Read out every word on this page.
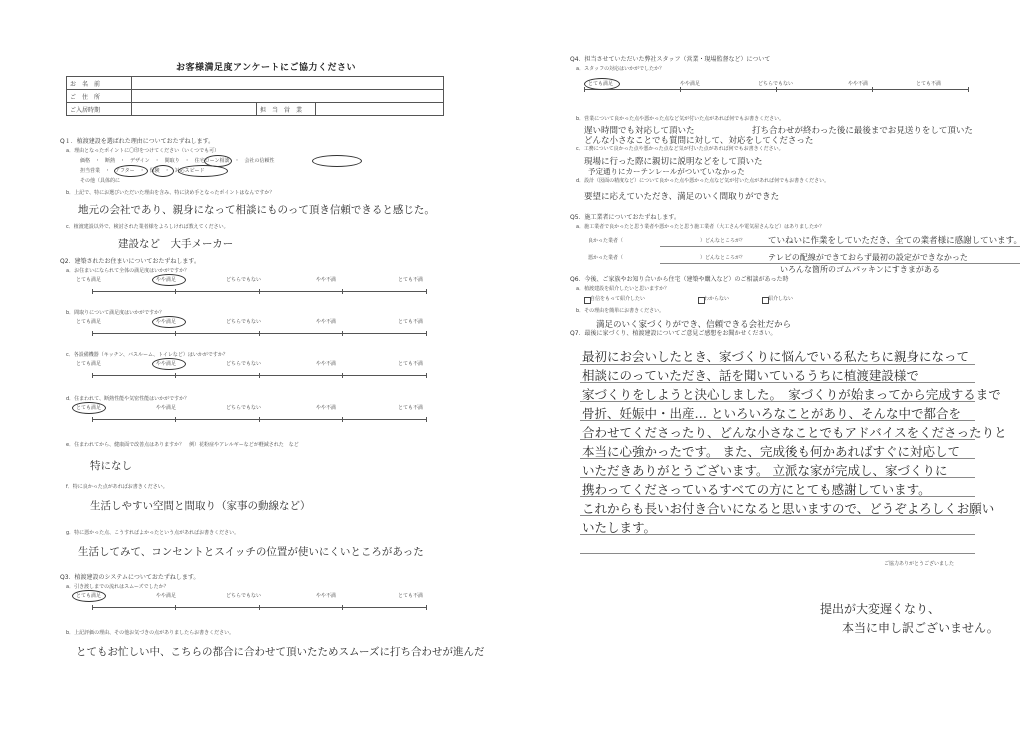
お客様満足度アンケートにご協力ください
お　名　前			
ご　住　所			
ご入居時期		担　当　営　業	
Q１．植渡建設を選ばれた理由についておたずねします。
a．理由となったポイントに〇印をつけてください（いくつでも可）
価格　・　断熱　・　デザイン　・　間取り　・　住宅ローン相談　・　会社の信頼性
担当営業　・　アフター　・　保険　・　対応スピード
その他（具体的に
b．上記で、特にお選びいただいた理由を含み、特に決め手となったポイントはなんですか？
地元の会社であり、親身になって相談にものって頂き信頼できると感じた。
c．植渡建設以外で、検討された業者様をよろしければ教えてください。
建設など　大手メーカー
Q2．建築されたお住まいについておたずねします。
a．お住まいになられて全体の満足度はいかがですか？
とても満足	やや満足	どちらでもない	やや不満	とても不満
b．間取りについて満足度はいかがですか？
とても満足	やや満足	どちらでもない	やや不満	とても不満
c．各設備機器（キッチン、バスルーム、トイレなど）はいかがですか？
とても満足	やや満足	どちらでもない	やや不満	とても不満
d．住まわれて、断熱性能や気密性能はいかがですか？
とても満足	やや満足	どちらでもない	やや不満	とても不満
e．住まわれてから、健康面で改善点はありますか？　例）花粉症やアレルギーなどが軽減された　など
特になし
f．特に良かった点があればお書きください。
生活しやすい空間と間取り（家事の動線など）
g．特に悪かった点、こうすればよかったという点があればお書きください。
生活してみて、コンセントとスイッチの位置が使いにくいところがあった
Q3．植渡建設のシステムについておたずねします。
a．引き渡しまでの流れはスムーズでしたか？
とても満足	やや満足	どちらでもない	やや不満	とても不満
b．上記評価の理由、その他お気づきの点がありましたらお書きください。
とてもお忙しい中、こちらの都合に合わせて頂いたためスムーズに打ち合わせが進んだ
Q4．担当させていただいた弊社スタッフ（営業・現場監督など）について
a．スタッフの対応はいかがでしたか？
とても満足	やや満足	どちらでもない	やや不満	とても不満
b．営業について良かった点や悪かった点など気が付いた点があれば何でもお書きください。
遅い時間でも対応して頂いた	打ち合わせが終わった後に最後までお見送りをして頂いた
どんな小さなことでも質問に対して、対応をしてくださった
c．工務について良かった点や悪かった点など気が付いた点があれば何でもお書きください。
現場に行った際に親切に説明などをして頂いた
予定通りにカーテンレールがついていなかった
d．設計（図面の精度など）について良かった点や悪かった点など気が付いた点があれば何でもお書きください。
要望に応えていただき、満足のいく間取りができた
Q5．施工業者についておたずねします。
a．施工業者で良かったと思う業者や悪かったと思う施工業者（大工さんや電気屋さんなど）はありましたか？
良かった業者（	）どんなところが？	ていねいに作業をしていただき、全ての業者様に感謝しています。
悪かった業者（	）どんなところが？	テレビの配線ができておらず最初の設定ができなかった
いろんな箇所のゴムパッキンにすきまがある
Q6．今後、ご家族やお知り合いから住宅（建築や購入など）のご相談があった時
a．植渡建設を紹介したいと思いますか？
自信をもって紹介したい	わからない	紹介しない
b．その理由を簡単にお書きください。
満足のいく家づくりができ、信頼できる会社だから
Q7．最後に家づくり、植渡建設についてご意見ご感想をお聞かせください。
最初にお会いしたとき、家づくりに悩んでいる私たちに親身になって
相談にのっていただき、話を聞いているうちに植渡建設様で
家づくりをしようと決心しました。　家づくりが始まってから完成するまで
骨折、妊娠中・出産… といろいろなことがあり、そんな中で都合を
合わせてくださったり、どんな小さなことでもアドバイスをくださったりと
本当に心強かったです。 また、完成後も何かあればすぐに対応して
いただきありがとうございます。 立派な家が完成し、家づくりに
携わってくださっているすべての方にとても感謝しています。
これからも長いお付き合いになると思いますので、どうぞよろしくお願い
いたします。
ご協力ありがとうございました
提出が大変遅くなり、
本当に申し訳ございません。
